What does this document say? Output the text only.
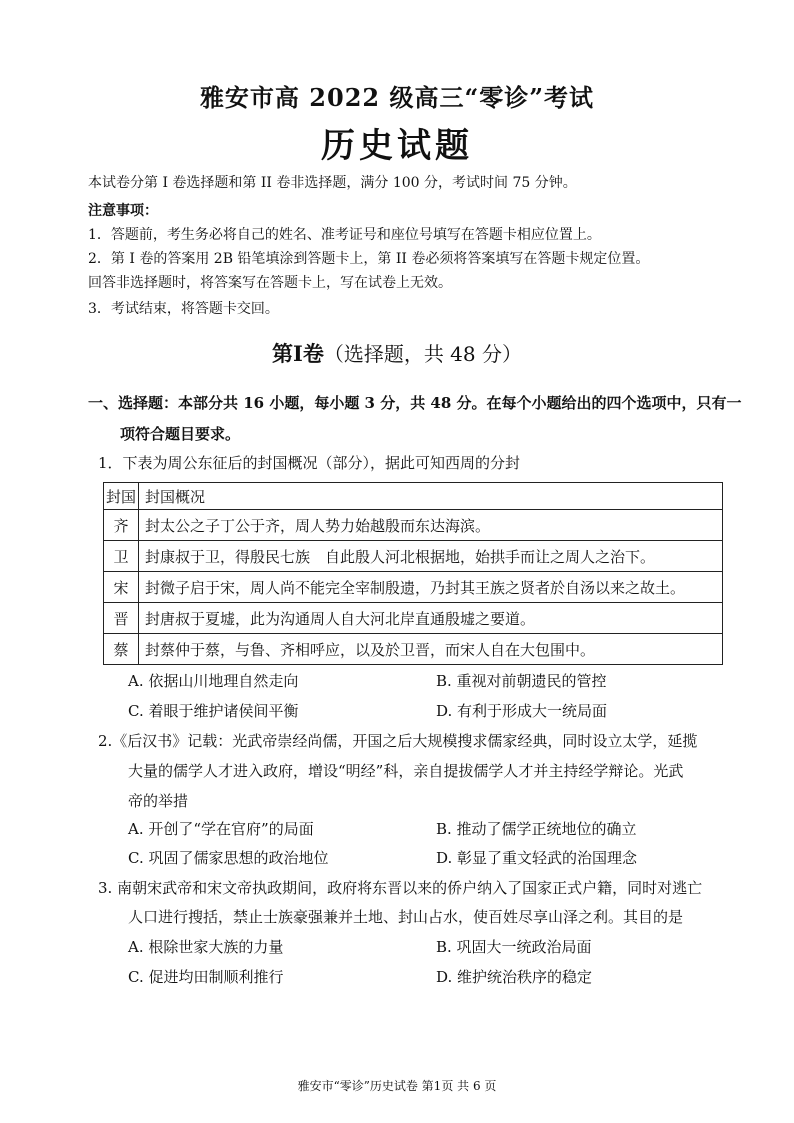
雅安市高 2022 级高三“零诊”考试
历史试题
本试卷分第 I 卷选择题和第 II 卷非选择题，满分 100 分，考试时间 75 分钟。
注意事项：
1．答题前，考生务必将自己的姓名、准考证号和座位号填写在答题卡相应位置上。
2．第 I 卷的答案用 2B 铅笔填涂到答题卡上，第 II 卷必须将答案填写在答题卡规定位置。
回答非选择题时，将答案写在答题卡上，写在试卷上无效。
3．考试结束，将答题卡交回。
第Ⅰ卷（选择题，共 48 分）
一、选择题：本部分共 16 小题，每小题 3 分，共 48 分。在每个小题给出的四个选项中，只有一
项符合题目要求。
1．下表为周公东征后的封国概况（部分），据此可知西周的分封
封国	封国概况
齐	封太公之子丁公于齐，周人势力始越殷而东达海滨。
卫	封康叔于卫，得殷民七族　自此殷人河北根据地，始拱手而让之周人之治下。
宋	封微子启于宋，周人尚不能完全宰制殷遗，乃封其王族之贤者於自汤以来之故土。
晋	封唐叔于夏墟，此为沟通周人自大河北岸直通殷墟之要道。
蔡	封蔡仲于蔡，与鲁、齐相呼应，以及於卫晋，而宋人自在大包围中。
A. 依据山川地理自然走向	B. 重视对前朝遗民的管控
C. 着眼于维护诸侯间平衡	D. 有利于形成大一统局面
2.《后汉书》记载：光武帝崇经尚儒，开国之后大规模搜求儒家经典，同时设立太学，延揽
大量的儒学人才进入政府，增设“明经”科，亲自提拔儒学人才并主持经学辩论。光武
帝的举措
A. 开创了“学在官府”的局面	B. 推动了儒学正统地位的确立
C. 巩固了儒家思想的政治地位	D. 彰显了重文轻武的治国理念
3. 南朝宋武帝和宋文帝执政期间，政府将东晋以来的侨户纳入了国家正式户籍，同时对逃亡
人口进行搜括，禁止士族豪强兼并土地、封山占水，使百姓尽享山泽之利。其目的是
A. 根除世家大族的力量	B. 巩固大一统政治局面
C. 促进均田制顺利推行	D. 维护统治秩序的稳定
雅安市“零诊”历史试卷 第1页 共 6 页
